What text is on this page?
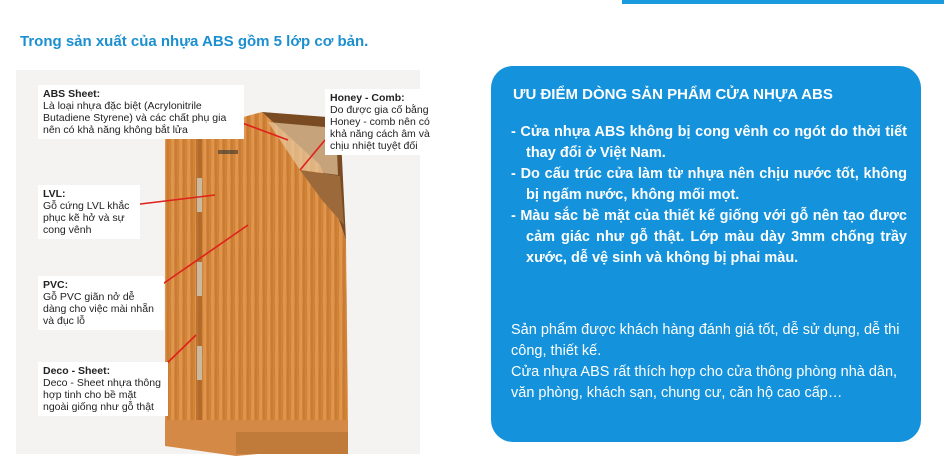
Trong sản xuất của nhựa ABS gồm 5 lớp cơ bản.
ABS Sheet:
Là loại nhựa đặc biệt (Acrylonitrile Butadiene Styrene) và các chất phụ gia nên có khả năng không bắt lửa
Honey - Comb:
Do được gia cố bằng Honey - comb nên có khả năng cách âm và chịu nhiệt tuyệt đối
LVL:
Gỗ cứng LVL khắc phục kẽ hở và sự cong vênh
PVC:
Gỗ PVC giãn nở dễ dàng cho việc mài nhẵn và đục lỗ
Deco - Sheet:
Deco - Sheet nhựa thông hợp tinh cho bề mặt ngoài giống như gỗ thật
ƯU ĐIỂM DÒNG SẢN PHẨM CỬA NHỰA ABS
- Cửa nhựa ABS không bị cong vênh co ngót do thời tiết thay đổi ở Việt Nam.
- Do cấu trúc cửa làm từ nhựa nên chịu nước tốt, không bị ngấm nước, không mối mọt.
- Màu sắc bề mặt của thiết kế giống với gỗ nên tạo được cảm giác như gỗ thật. Lớp màu dày 3mm chống trầy xước, dễ vệ sinh và không bị phai màu.

Sản phẩm được khách hàng đánh giá tốt, dễ sử dụng, dễ thi công, thiết kế.

Cửa nhựa ABS rất thích hợp cho cửa thông phòng nhà dân, văn phòng, khách sạn, chung cư, căn hộ cao cấp…
